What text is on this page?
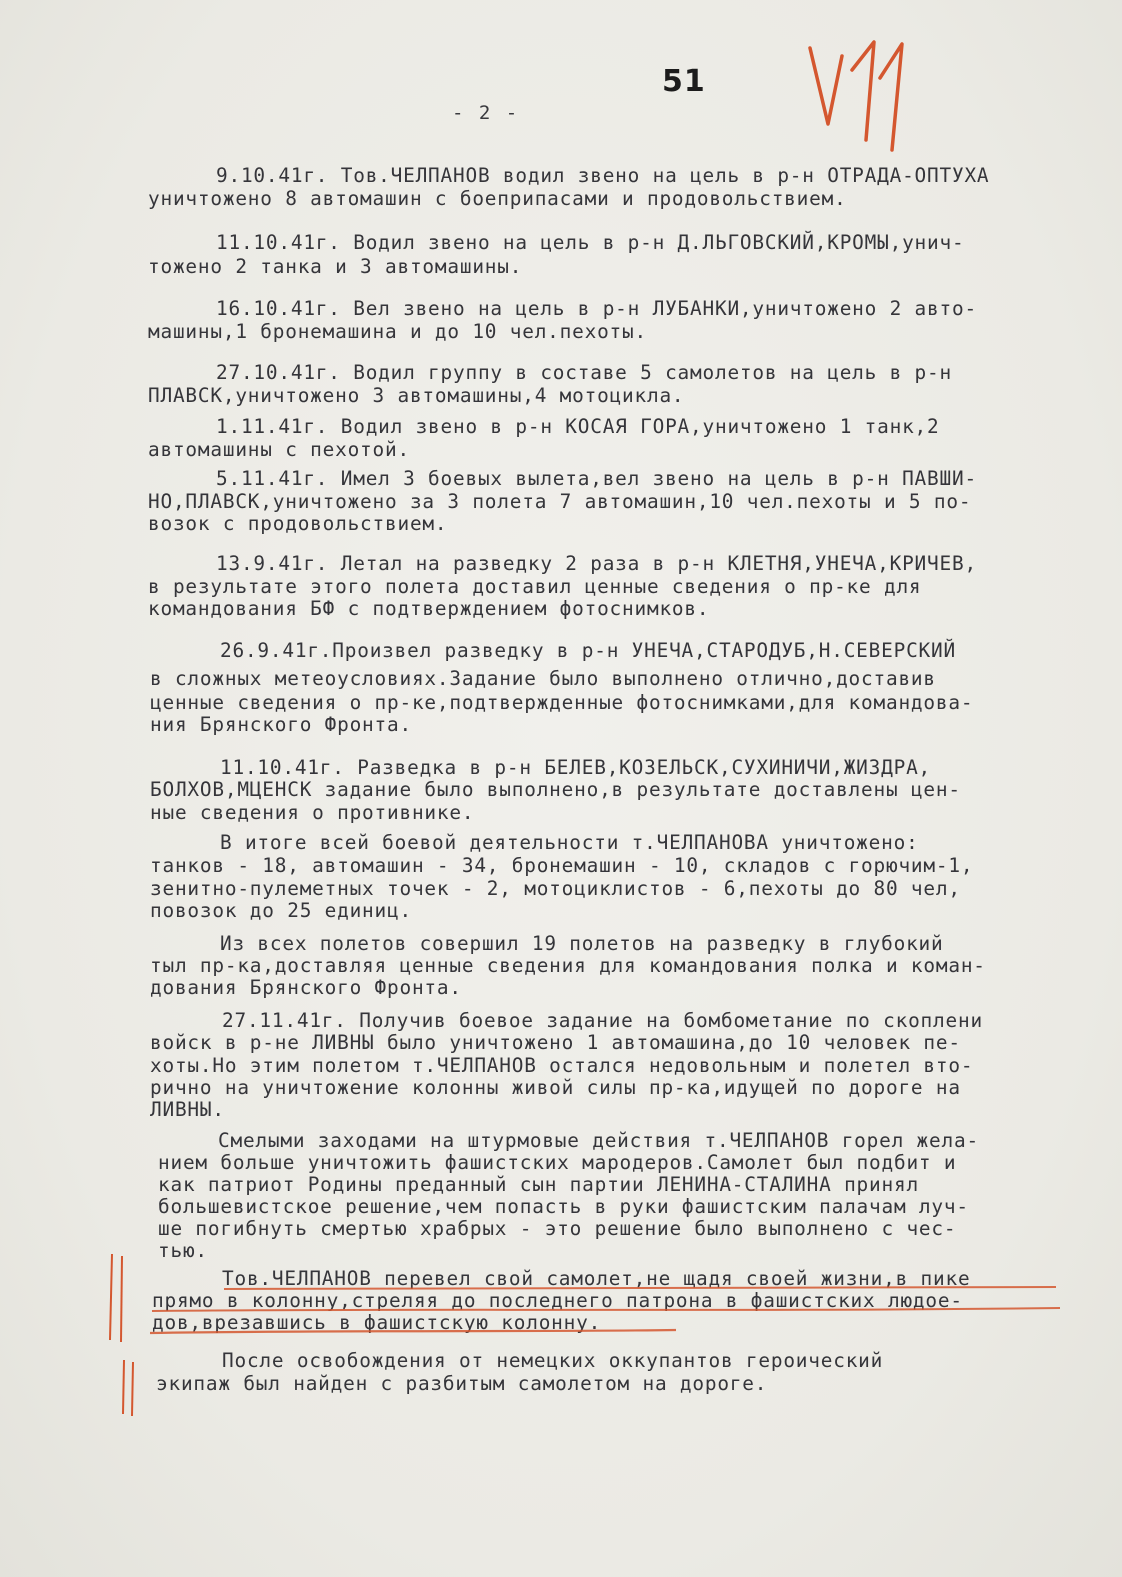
51
- 2 -
9.10.41г. Тов.ЧЕЛПАНОВ водил звено на цель в р-н ОТРАДА-ОПТУХА
уничтожено 8 автомашин с боеприпасами и продовольствием.
11.10.41г. Водил звено на цель в р-н Д.ЛЬГОВСКИЙ,КРОМЫ,унич-
тожено 2 танка и 3 автомашины.
16.10.41г. Вел звено на цель в р-н ЛУБАНКИ,уничтожено 2 авто-
машины,1 бронемашина и до 10 чел.пехоты.
27.10.41г. Водил группу в составе 5 самолетов на цель в р-н
ПЛАВСК,уничтожено 3 автомашины,4 мотоцикла.
1.11.41г. Водил звено в р-н КОСАЯ ГОРА,уничтожено 1 танк,2
автомашины с пехотой.
5.11.41г. Имел 3 боевых вылета,вел звено на цель в р-н ПАВШИ-
НО,ПЛАВСК,уничтожено за 3 полета 7 автомашин,10 чел.пехоты и 5 по-
возок с продовольствием.
13.9.41г. Летал на разведку 2 раза в р-н КЛЕТНЯ,УНЕЧА,КРИЧЕВ,
в результате этого полета доставил ценные сведения о пр-ке для
командования БФ с подтверждением фотоснимков.
26.9.41г.Произвел разведку в р-н УНЕЧА,СТАРОДУБ,Н.СЕВЕРСКИЙ
в сложных метеоусловиях.Задание было выполнено отлично,доставив
ценные сведения о пр-ке,подтвержденные фотоснимками,для командова-
ния Брянского Фронта.
11.10.41г. Разведка в р-н БЕЛЕВ,КОЗЕЛЬСК,СУХИНИЧИ,ЖИЗДРА,
БОЛХОВ,МЦЕНСК задание было выполнено,в результате доставлены цен-
ные сведения о противнике.
В итоге всей боевой деятельности т.ЧЕЛПАНОВА уничтожено:
танков - 18, автомашин - 34, бронемашин - 10, складов с горючим-1,
зенитно-пулеметных точек - 2, мотоциклистов - 6,пехоты до 80 чел,
повозок до 25 единиц.
Из всех полетов совершил 19 полетов на разведку в глубокий
тыл пр-ка,доставляя ценные сведения для командования полка и коман-
дования Брянского Фронта.
27.11.41г. Получив боевое задание на бомбометание по скоплени
войск в р-не ЛИВНЫ было уничтожено 1 автомашина,до 10 человек пе-
хоты.Но этим полетом т.ЧЕЛПАНОВ остался недовольным и полетел вто-
рично на уничтожение колонны живой силы пр-ка,идущей по дороге на
ЛИВНЫ.
Смелыми заходами на штурмовые действия т.ЧЕЛПАНОВ горел жела-
нием больше уничтожить фашистских мародеров.Самолет был подбит и
как патриот Родины преданный сын партии ЛЕНИНА-СТАЛИНА принял
большевистское решение,чем попасть в руки фашистским палачам луч-
ше погибнуть смертью храбрых - это решение было выполнено с чес-
тью.
Тов.ЧЕЛПАНОВ перевел свой самолет,не щадя своей жизни,в пике
прямо в колонну,стреляя до последнего патрона в фашистских людое-
дов,врезавшись в фашистскую колонну.
После освобождения от немецких оккупантов героический
экипаж был найден с разбитым самолетом на дороге.
